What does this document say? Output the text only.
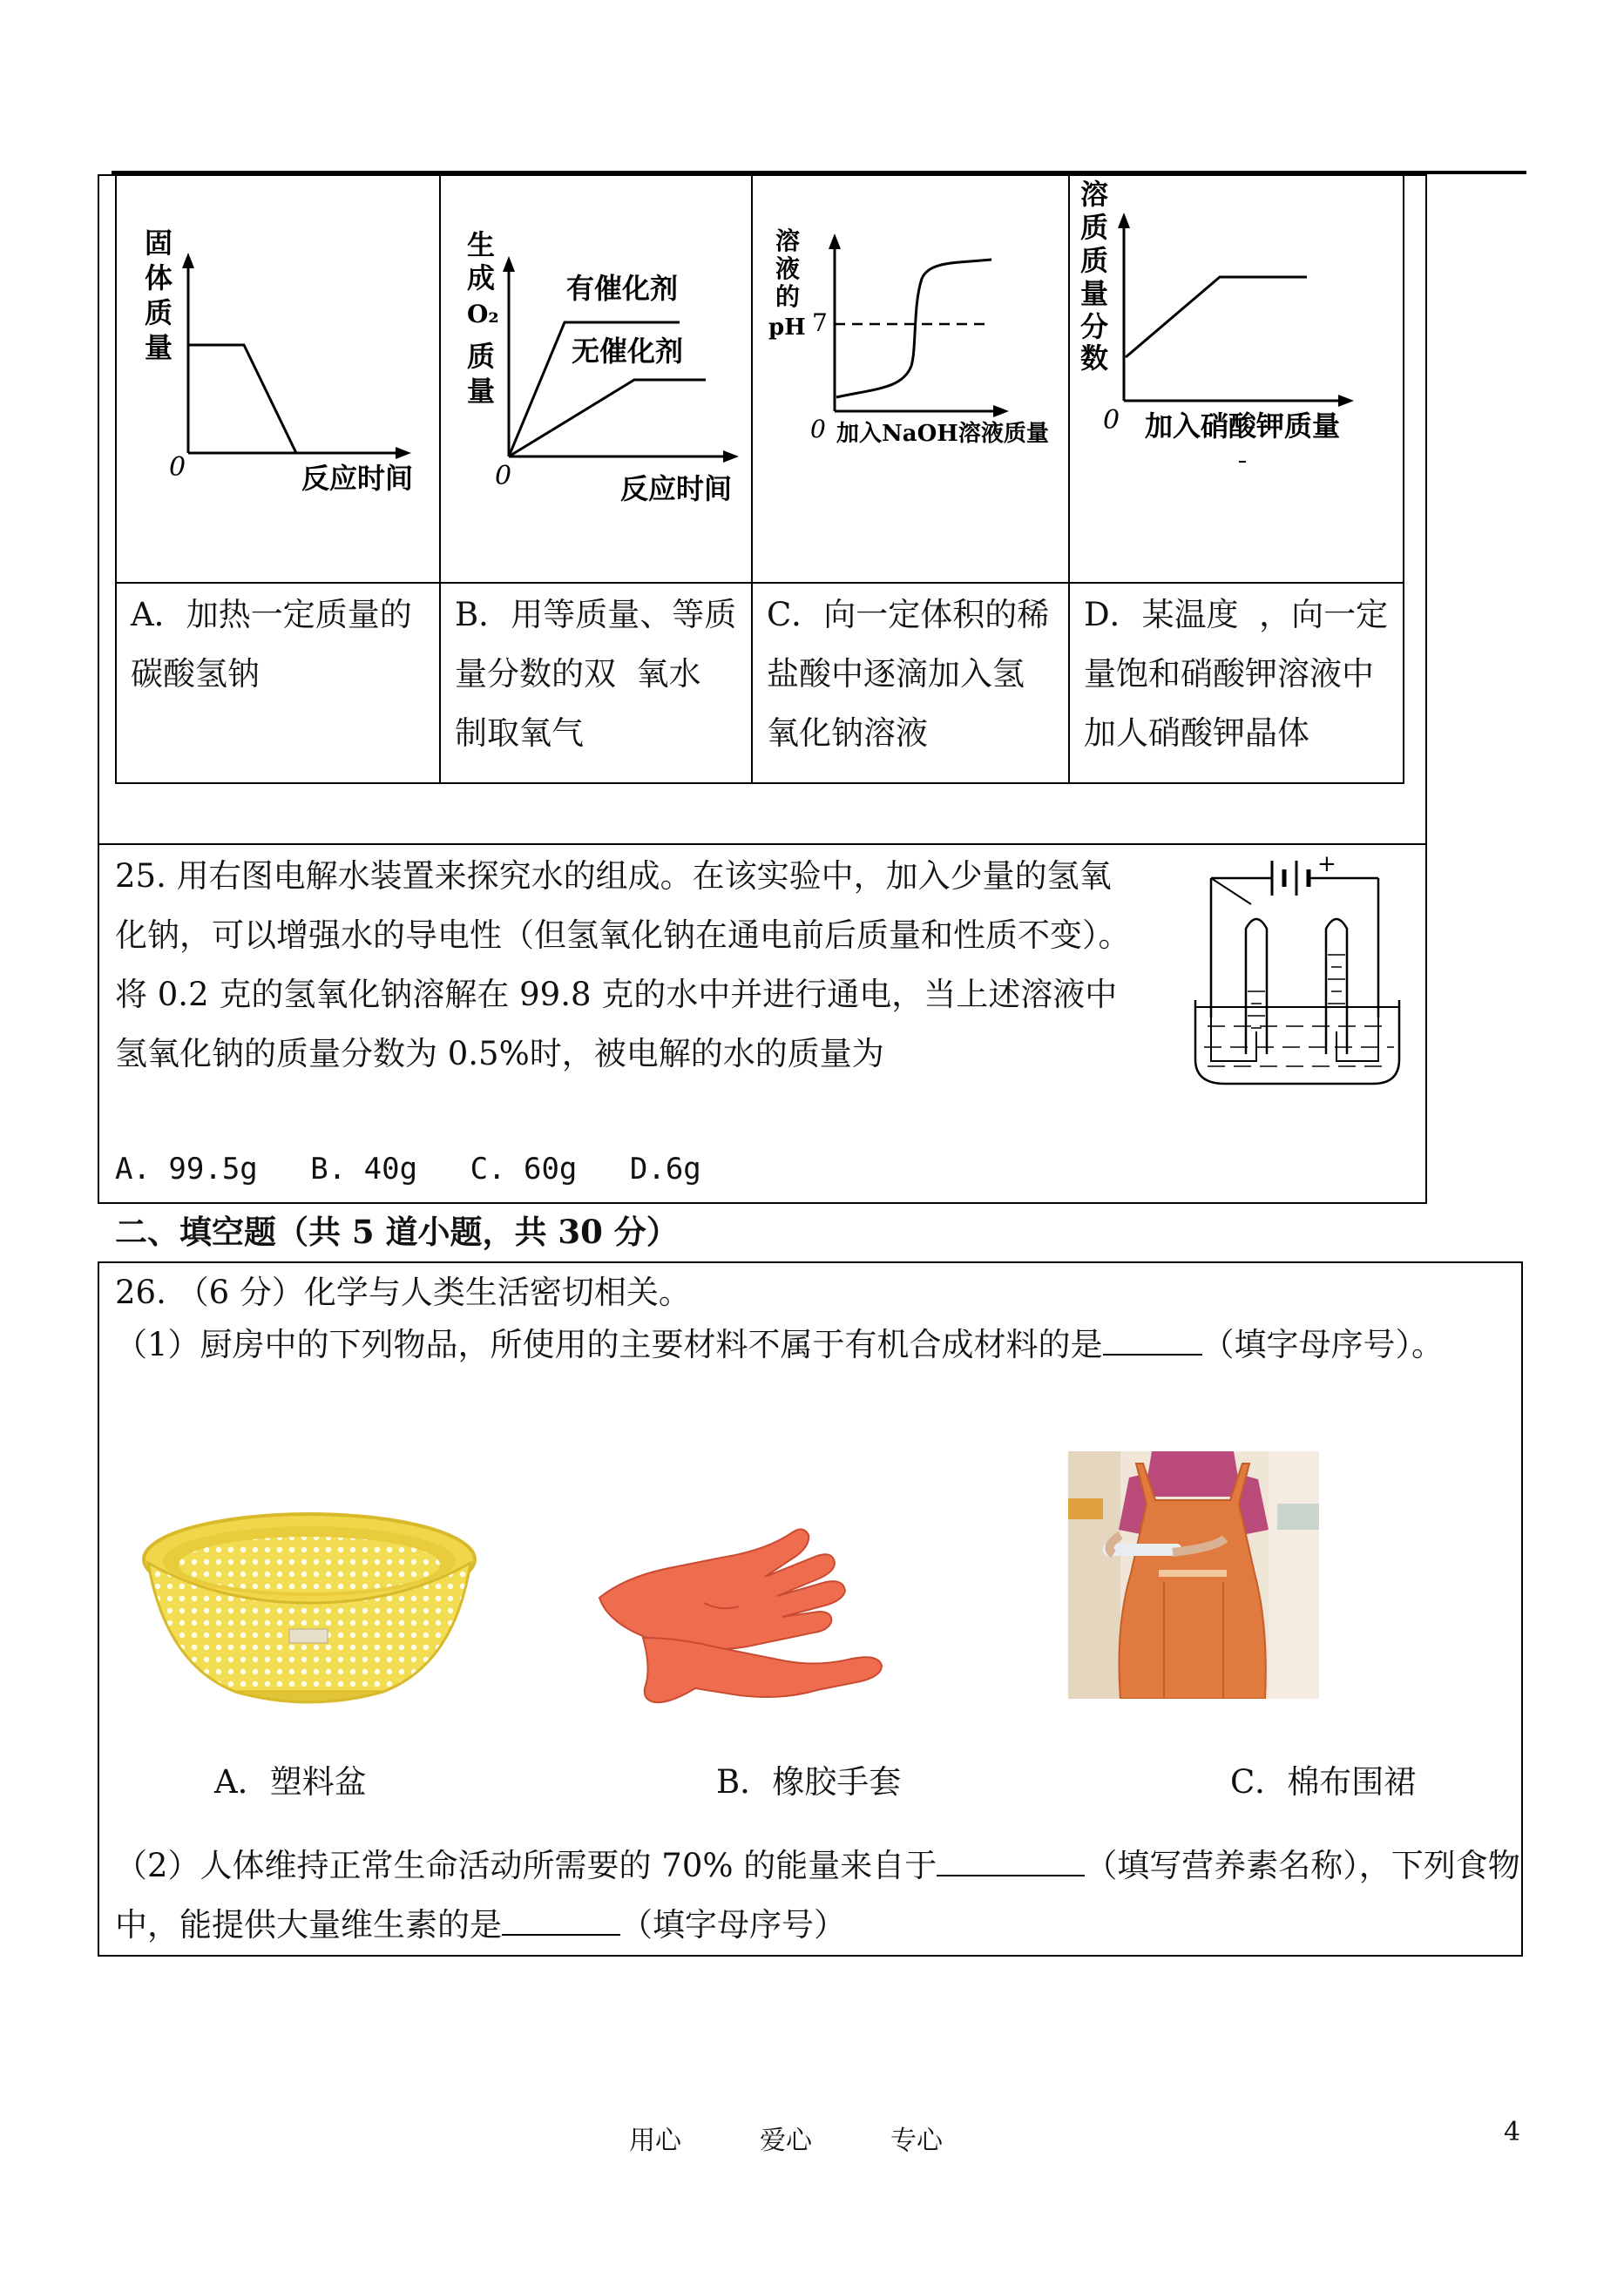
固
体
质
量
0	反应时间
生
成
O₂
质
量
有催化剂
无催化剂
0	反应时间
溶
液
的
pH 7
0 加入NaOH溶液质量
溶
质
质
量
分
数
0 加入硝酸钾质量
A．加热一定质量的
碳酸氢钠
B．用等质量、等质
量分数的双  氧水
制取氧气
C．向一定体积的稀
盐酸中逐滴加入氢
氧化钠溶液
D．某温度  ，向一定
量饱和硝酸钾溶液中
加人硝酸钾晶体
25. 用右图电解水装置来探究水的组成。在该实验中，加入少量的氢氧
化钠，可以增强水的导电性（但氢氧化钠在通电前后质量和性质不变）。
将 0.2 克的氢氧化钠溶解在 99.8 克的水中并进行通电，当上述溶液中
氢氧化钠的质量分数为 0.5%时，被电解的水的质量为
A. 99.5g B. 40g C. 60g D.6g
+
二、填空题（共 5 道小题，共 30 分）
26. （6 分）化学与人类生活密切相关。
（1）厨房中的下列物品，所使用的主要材料不属于有机合成材料的是	（填字母序号）。
A．塑料盆	B．橡胶手套	C．棉布围裙
（2）人体维持正常生命活动所需要的 70% 的能量来自于	（填写营养素名称），下列食物
中，能提供大量维生素的是	（填字母序号）
用心	爱心	专心	4
